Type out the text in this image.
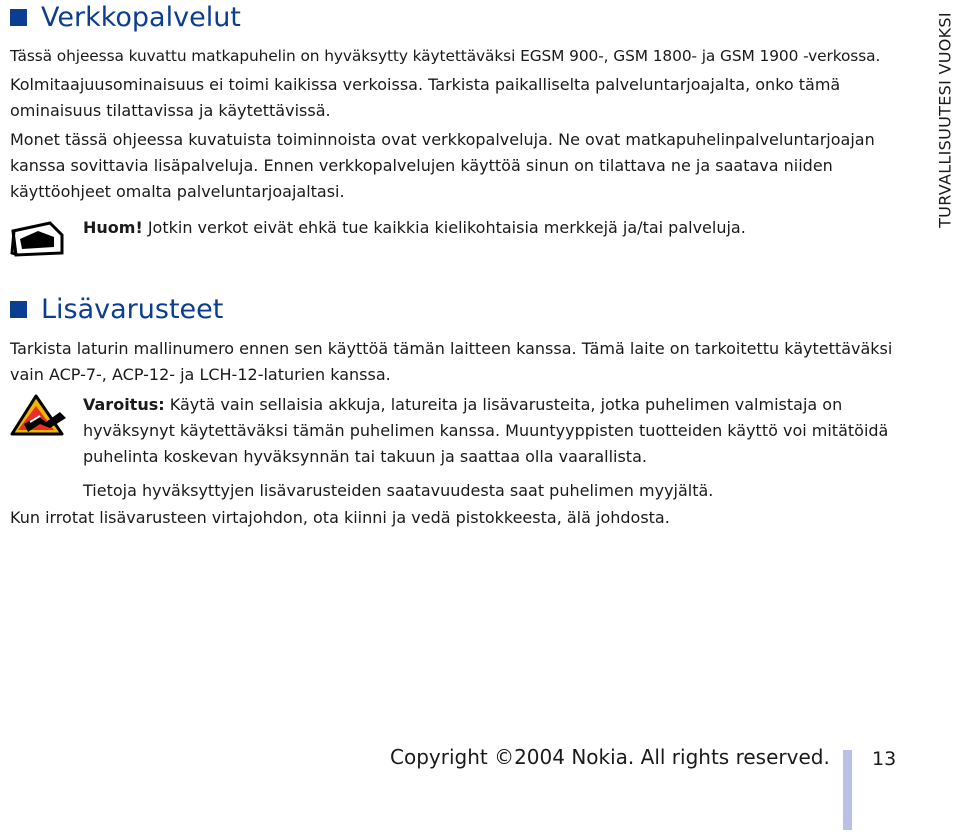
Verkkopalvelut

Tässä ohjeessa kuvattu matkapuhelin on hyväksytty käytettäväksi EGSM 900-, GSM 1800- ja GSM 1900 -verkossa.

Kolmitaajuusominaisuus ei toimi kaikissa verkoissa. Tarkista paikalliselta palveluntarjoajalta, onko tämä ominaisuus tilattavissa ja käytettävissä.

Monet tässä ohjeessa kuvatuista toiminnoista ovat verkkopalveluja. Ne ovat matkapuhelinpalveluntarjoajan kanssa sovittavia lisäpalveluja. Ennen verkkopalvelujen käyttöä sinun on tilattava ne ja saatava niiden käyttöohjeet omalta palveluntarjoajaltasi.

Huom! Jotkin verkot eivät ehkä tue kaikkia kielikohtaisia merkkejä ja/tai palveluja.

Lisävarusteet

Tarkista laturin mallinumero ennen sen käyttöä tämän laitteen kanssa. Tämä laite on tarkoitettu käytettäväksi vain ACP-7-, ACP-12- ja LCH-12-laturien kanssa.

Varoitus: Käytä vain sellaisia akkuja, latureita ja lisävarusteita, jotka puhelimen valmistaja on hyväksynyt käytettäväksi tämän puhelimen kanssa. Muuntyyppisten tuotteiden käyttö voi mitätöidä puhelinta koskevan hyväksynnän tai takuun ja saattaa olla vaarallista.

Tietoja hyväksyttyjen lisävarusteiden saatavuudesta saat puhelimen myyjältä.

Kun irrotat lisävarusteen virtajohdon, ota kiinni ja vedä pistokkeesta, älä johdosta.

TURVALLISUUTESI VUOKSI
Copyright ©2004 Nokia. All rights reserved. 13
